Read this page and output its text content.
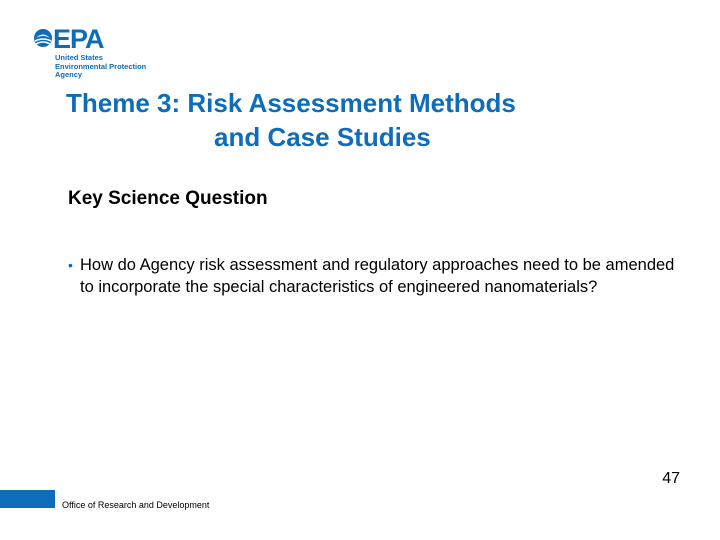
EPA
United States
Environmental Protection
Agency
Theme 3: Risk Assessment Methods
and Case Studies
Key Science Question
• How do Agency risk assessment and regulatory approaches need to be amended to incorporate the special characteristics of engineered nanomaterials?
47
Office of Research and Development
